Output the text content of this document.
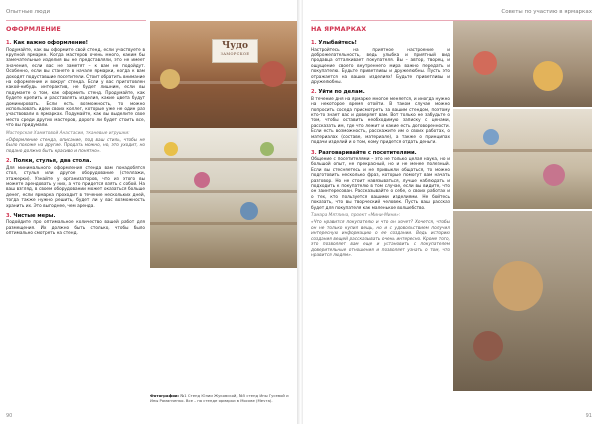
Опытные люди
ОФОРМЛЕНИЕ
1. Как важно оформление!

Подумайте, как вы оформите свой стенд, если участвуете в крупной ярмарке. Когда мастеров очень много, каким бы замечательные изделия вы не представляли, это не имеет значения, если вас не заметят – к вам не подойдут. Особенно, если вы станете в начале ярмарки, когда к вам доходят подуставшие посетители. Стоит обратить внимание на оформление и вокруг стенда. Если у вас приготовлен какой-нибудь интерактив, не будет лишним, если вы подумаете о том, как оформить стенд. Продумайте, как будете крепить и расставлять изделия, какие цвета будут доминировать. Если есть возможность, то можно использовать идеи своих коллег, которые уже не один раз участвовали в ярмарках. Подумайте, как вы выделите свое место среди других мастеров, дорого ли будет стоить все, что вы придумали.

Мастерская Хамитовой Анастасии, тканевые игрушки:

«Оформление стенда, описание, под ваш стиль, чтобы не было похоже на другие. Продать можно, но, это уходит, но подано должно быть красиво и понятно».

2. Полки, стулья, два стола.

Для минимального оформления стенда вам понадобятся стол, стулья или другое оборудование (стеллажи, этажерки). Узнайте у организаторов, что из этого вы можете арендовать у них, а что придется взять с собой. На ваш взгляд, в своем оборудовании может оказаться больше денег, если ярмарка проходит в течение нескольких дней, тогда также нужно решить, будет ли у вас возможность хранить их. Это выгоднее, чем аренда.

3. Чистые меры.

Подойдите про оптимальное количество вашей работ для размещения. Их должно быть столько, чтобы было оптимально смотреть на стенд.

Чудо
ЗАМОРСКОЕ
Фотографии: №1 Стенд Юлии Жуковской, №5 стенд Ины Гусевой и Ины Романченко. Все – на стенде ярмарки в Москве (Мечта).
90
Советы по участию в ярмарках
НА ЯРМАРКАХ
1. Улыбайтесь!

Настройтесь на приятное настроение и доброжелательность, ведь улыбка и приятный вид продавца отталкивает покупателя. Вы – автор, творец, и ощущение своего внутреннего мира важно передать и покупателю. Будьте приветливы и дружелюбны. Пусть это отражается на ваших изделиях! Будьте приветливы и дружелюбны.

2. Уйти по делам.

В течение дня на ярмарке многое меняется, и иногда нужно на некоторое время отойти. В таком случае можно попросить соседа присмотреть за вашим стендом, поэтому кто-то знает вас и доверяет вам. Вот только не забудьте о том, чтобы оставить необходимую записку с ценами, рассказать им, где что лежит и какие есть договоренности. Если есть возможность, расскажите им о своих работах, о материалах (составе, материале), а также о принципах подачи изделий и о том, кому придется отдать деньги.

3. Разговаривайте с посетителями.

Общение с посетителями – это не только целая наука, но и большой опыт, не прекрасный, но и не менее полезный. Если вы стесняетесь и не привыкли общаться, то можно подготовить несколько фраз, которые помогут вам начать разговор. Но не стоит навязываться, лучше наблюдать и подходить к покупателю в том случае, если вы видите, что он заинтересован. Рассказывайте о себе, о своих работах и о тех, кто пользуется вашими изделиями. Не бойтесь показать, что вы творческий человек. Пусть ваш рассказ будет для покупателя как маленькое волшебство.

Тамара Мятлина, проект «Мини-Мини»:

«Что нравится покупателю и что он хочет? Хочется, чтобы он не только купил вещь, но и с удовольствием получил интересную информацию о ее создании. Ведь историю создания вещей рассказывать очень интересно. Кроме того, это позволяет вам еще и установить с покупателем доверительные отношения и позволяет узнать о том, что нравится людям».

91
